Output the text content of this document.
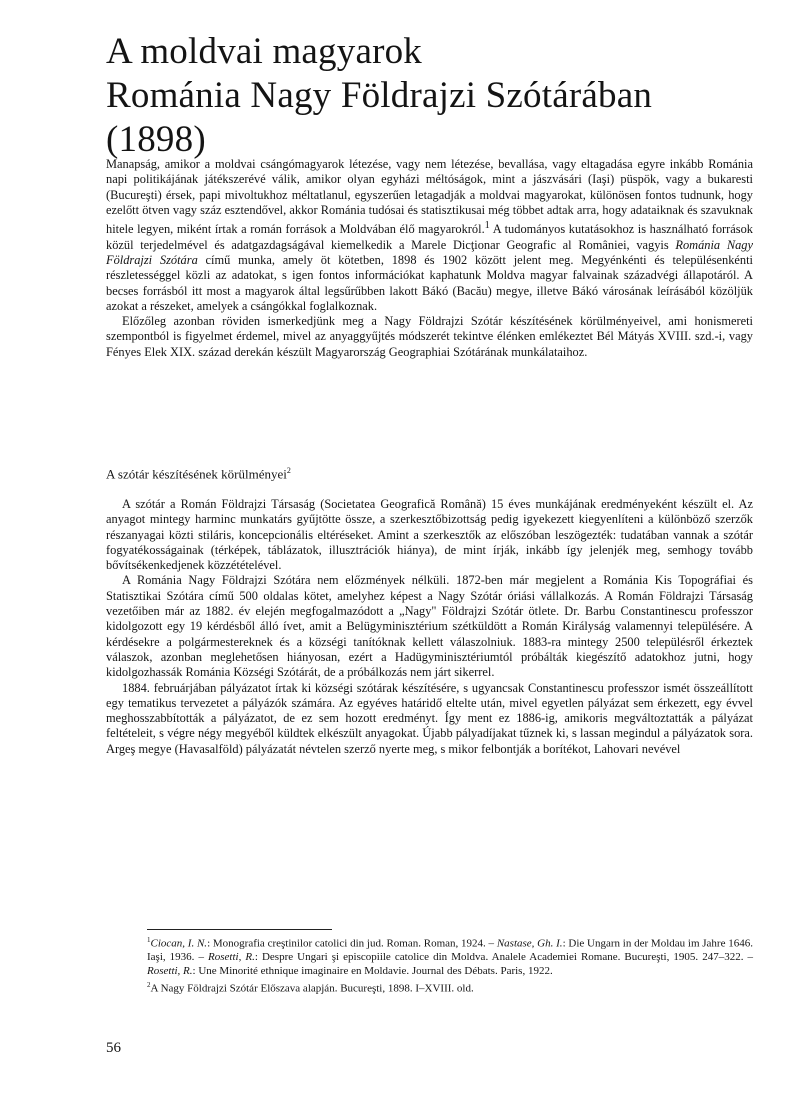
A moldvai magyarok
Románia Nagy Földrajzi Szótárában
(1898)

Manapság, amikor a moldvai csángómagyarok létezése, vagy nem létezése, bevallása, vagy eltagadása egyre inkább Románia napi politikájának játékszerévé válik, amikor olyan egyházi méltóságok, mint a jászvásári (Iaşi) püspök, vagy a bukaresti (Bucureşti) érsek, papi mivoltukhoz méltatlanul, egyszerűen letagadják a moldvai magyarokat, különösen fontos tudnunk, hogy ezelőtt ötven vagy száz esztendővel, akkor Románia tudósai és statisztikusai még többet adtak arra, hogy adataiknak és szavuknak hitele legyen, miként írtak a román források a Moldvában élő magyarokról.$^1$ A tudományos kutatásokhoz is használható források közül terjedelmével és adatgazdagságával kiemelkedik a Marele Dicţionar Geografic al României, vagyis Románia Nagy Földrajzi Szótára című munka, amely öt kötetben, 1898 és 1902 között jelent meg. Megyénkénti és településenkénti részletességgel közli az adatokat, s igen fontos információkat kaphatunk Moldva magyar falvainak századvégi állapotáról. A becses forrásból itt most a magyarok által legsűrűbben lakott Bákó (Bacău) megye, illetve Bákó városának leírásából közöljük azokat a részeket, amelyek a csángókkal foglalkoznak.

Előzőleg azonban röviden ismerkedjünk meg a Nagy Földrajzi Szótár készítésének körülményeivel, ami honismereti szempontból is figyelmet érdemel, mivel az anyaggyűjtés módszerét tekintve élénken emlékeztet Bél Mátyás XVIII. szd.-i, vagy Fényes Elek XIX. század derekán készült Magyarország Geographiai Szótárának munkálataihoz.

A szótár készítésének körülményei$^2$

A szótár a Román Földrajzi Társaság (Societatea Geografică Română) 15 éves munkájának eredményeként készült el. Az anyagot mintegy harminc munkatárs gyűjtötte össze, a szerkesztőbizottság pedig igyekezett kiegyenlíteni a különböző szerzők részanyagai közti stiláris, koncepcionális eltéréseket. Amint a szerkesztők az előszóban leszögezték: tudatában vannak a szótár fogyatékosságainak (térképek, táblázatok, illusztrációk hiánya), de mint írják, inkább így jelenjék meg, semhogy tovább bővítsékenkedjenek közzétételével.

A Románia Nagy Földrajzi Szótára nem előzmények nélküli. 1872-ben már megjelent a Románia Kis Topográfiai és Statisztikai Szótára című 500 oldalas kötet, amelyhez képest a Nagy Szótár óriási vállalkozás. A Román Földrajzi Társaság vezetőiben már az 1882. év elején megfogalmazódott a „Nagy" Földrajzi Szótár ötlete. Dr. Barbu Constantinescu professzor kidolgozott egy 19 kérdésből álló ívet, amit a Belügyminisztérium szétküldött a Román Királyság valamennyi településére. A kérdésekre a polgármestereknek és a községi tanítóknak kellett válaszolniuk. 1883-ra mintegy 2500 településről érkeztek válaszok, azonban meglehetősen hiányosan, ezért a Hadügyminisztériumtól próbálták kiegészítő adatokhoz jutni, hogy kidolgozhassák Románia Községi Szótárát, de a próbálkozás nem járt sikerrel.

1884. februárjában pályázatot írtak ki községi szótárak készítésére, s ugyancsak Constantinescu professzor ismét összeállított egy tematikus tervezetet a pályázók számára. Az egyéves határidő eltelte után, mivel egyetlen pályázat sem érkezett, egy évvel meghosszabbították a pályázatot, de ez sem hozott eredményt. Így ment ez 1886-ig, amikoris megváltoztatták a pályázat feltételeit, s végre négy megyéből küldtek elkészült anyagokat. Újabb pályadíjakat tűznek ki, s lassan megindul a pályázatok sora. Argeş megye (Havasalföld) pályázatát névtelen szerző nyerte meg, s mikor felbontják a borítékot, Lahovari nevével

$^1$Ciocan, I. N.: Monografia creştinilor catolici din jud. Roman. Roman, 1924. – Nastase, Gh. I.: Die Ungarn in der Moldau im Jahre 1646. Iaşi, 1936. – Rosetti, R.: Despre Ungari şi episcopiile catolice din Moldva. Analele Academiei Romane. Bucureşti, 1905. 247–322. – Rosetti, R.: Une Minorité ethnique imaginaire en Moldavie. Journal des Débats. Paris, 1922.

$^2$A Nagy Földrajzi Szótár Előszava alapján. Bucureşti, 1898. I–XVIII. old.

56
